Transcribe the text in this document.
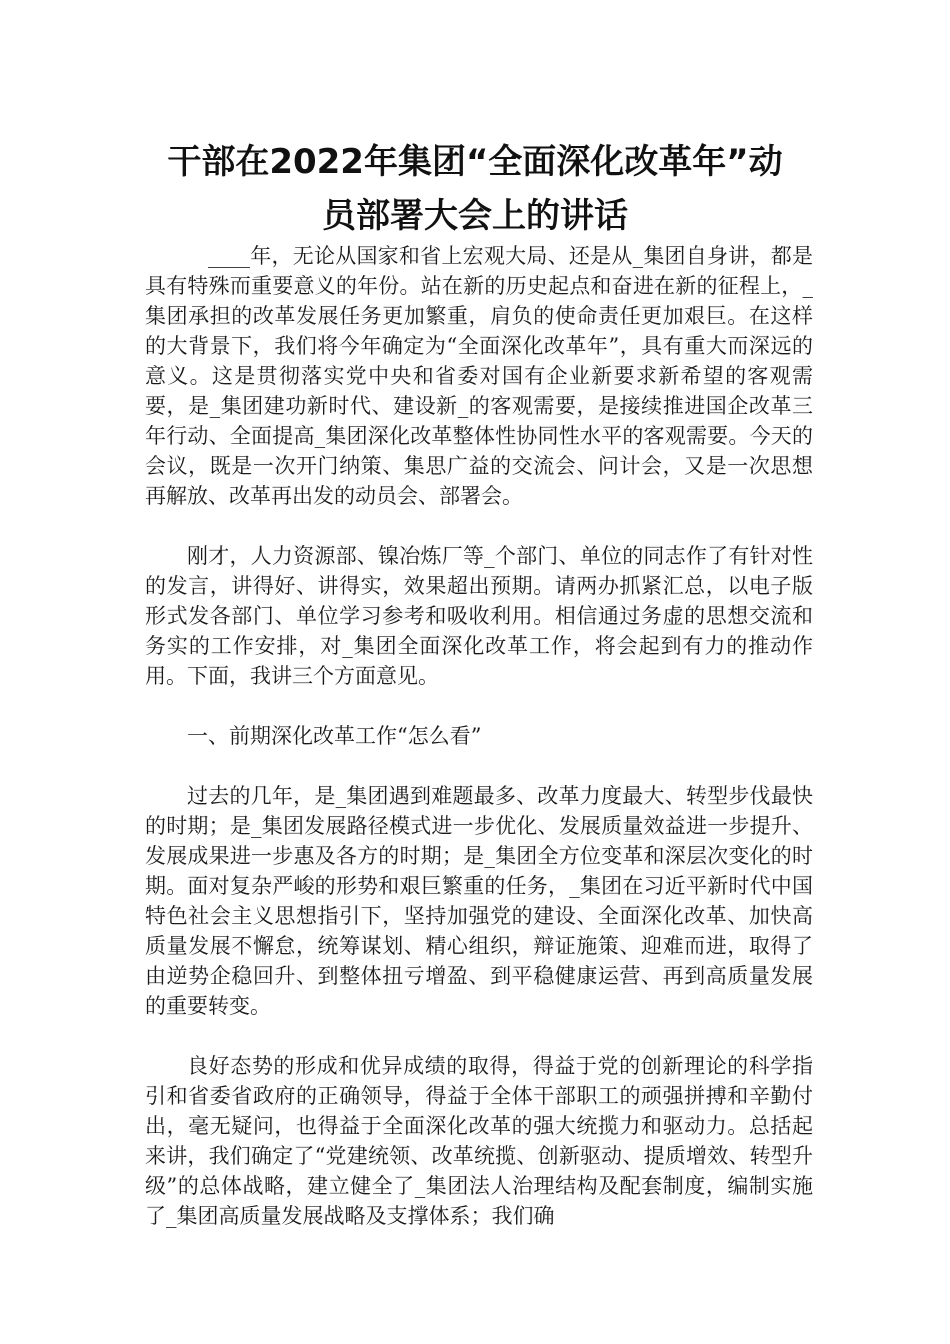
干部在2022年集团“全面深化改革年”动
员部署大会上的讲话

____年，无论从国家和省上宏观大局、还是从_集团自身讲，都是具有特殊而重要意义的年份。站在新的历史起点和奋进在新的征程上，_集团承担的改革发展任务更加繁重，肩负的使命责任更加艰巨。在这样的大背景下，我们将今年确定为“全面深化改革年”，具有重大而深远的意义。这是贯彻落实党中央和省委对国有企业新要求新希望的客观需要，是_集团建功新时代、建设新_的客观需要，是接续推进国企改革三年行动、全面提高_集团深化改革整体性协同性水平的客观需要。今天的会议，既是一次开门纳策、集思广益的交流会、问计会，又是一次思想再解放、改革再出发的动员会、部署会。

刚才，人力资源部、镍冶炼厂等_个部门、单位的同志作了有针对性的发言，讲得好、讲得实，效果超出预期。请两办抓紧汇总，以电子版形式发各部门、单位学习参考和吸收利用。相信通过务虚的思想交流和务实的工作安排，对_集团全面深化改革工作，将会起到有力的推动作用。下面，我讲三个方面意见。

一、前期深化改革工作“怎么看”

过去的几年，是_集团遇到难题最多、改革力度最大、转型步伐最快的时期；是_集团发展路径模式进一步优化、发展质量效益进一步提升、发展成果进一步惠及各方的时期；是_集团全方位变革和深层次变化的时期。面对复杂严峻的形势和艰巨繁重的任务，_集团在习近平新时代中国特色社会主义思想指引下，坚持加强党的建设、全面深化改革、加快高质量发展不懈怠，统筹谋划、精心组织，辩证施策、迎难而进，取得了由逆势企稳回升、到整体扭亏增盈、到平稳健康运营、再到高质量发展的重要转变。

良好态势的形成和优异成绩的取得，得益于党的创新理论的科学指引和省委省政府的正确领导，得益于全体干部职工的顽强拼搏和辛勤付出，毫无疑问，也得益于全面深化改革的强大统揽力和驱动力。总括起来讲，我们确定了“党建统领、改革统揽、创新驱动、提质增效、转型升级”的总体战略，建立健全了_集团法人治理结构及配套制度，编制实施了_集团高质量发展战略及支撑体系；我们确
